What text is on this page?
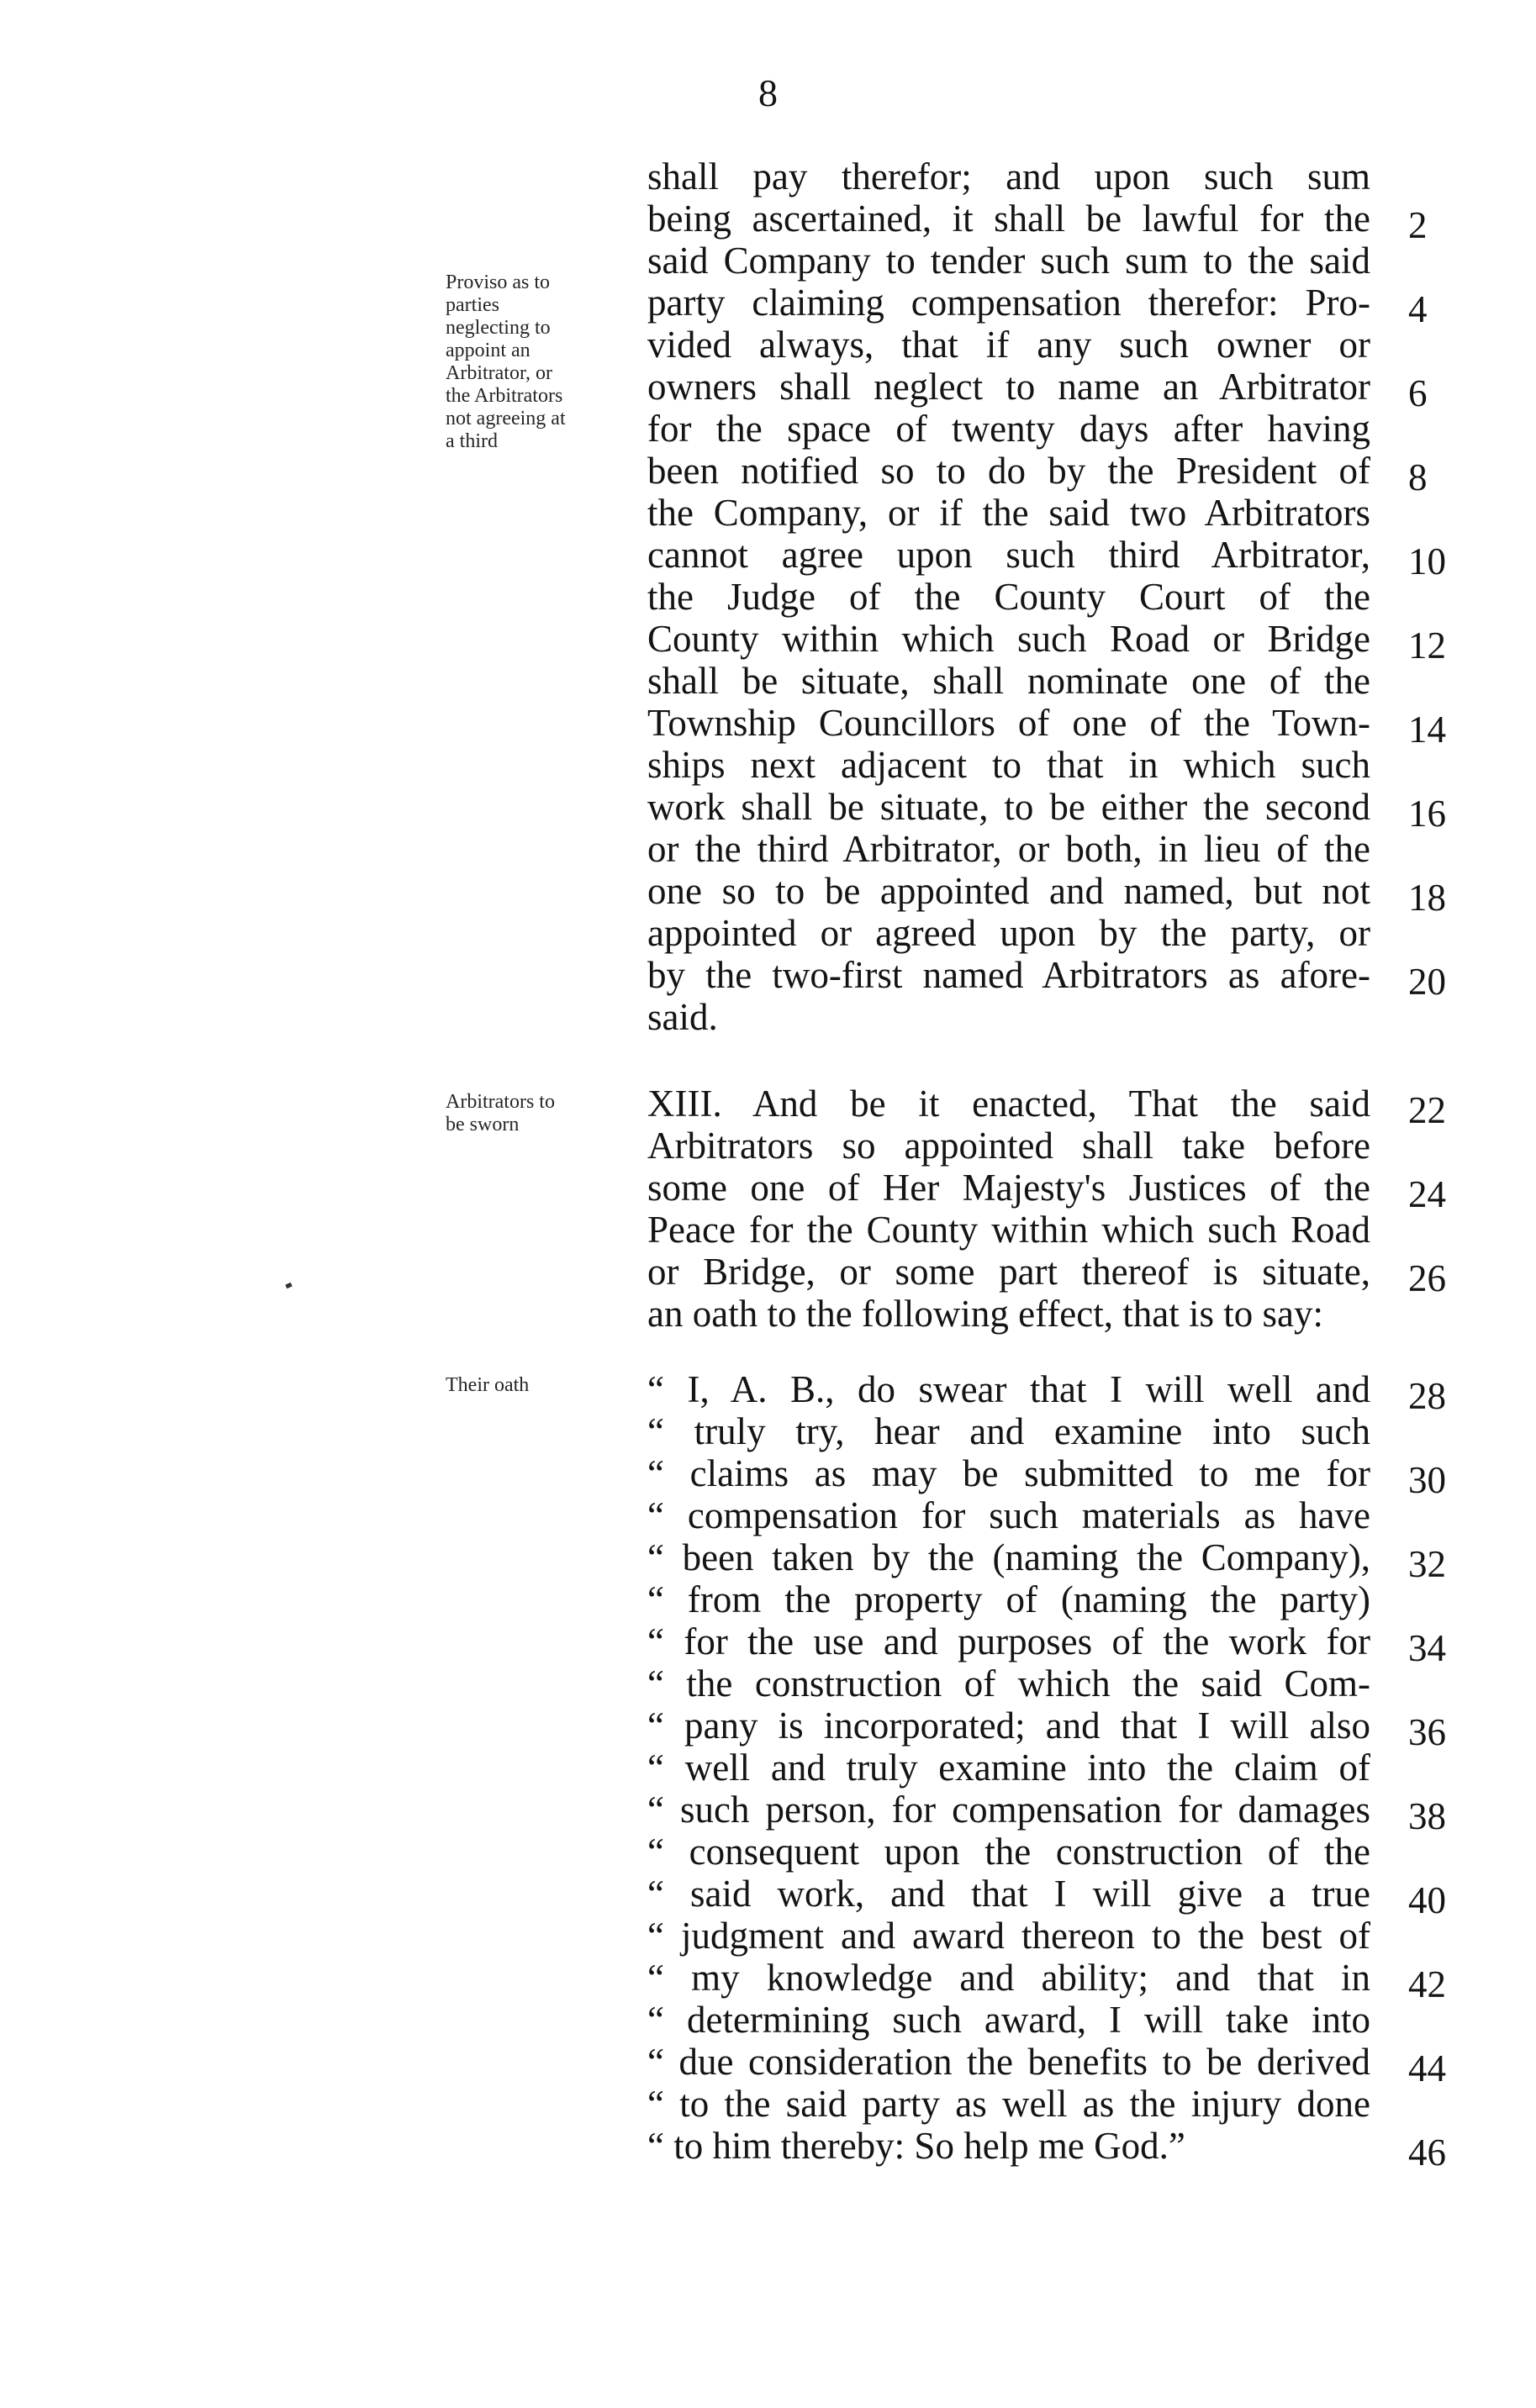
8
Proviso as to
parties
neglecting to
appoint an
Arbitrator, or
the Arbitrators
not agreeing at
a third
Arbitrators to
be sworn
Their oath
shall pay therefor; and upon such sum
being ascertained, it shall be lawful for the 2
said Company to tender such sum to the said
party claiming compensation therefor: Pro- 4
vided always, that if any such owner or
owners shall neglect to name an Arbitrator 6
for the space of twenty days after having
been notified so to do by the President of 8
the Company, or if the said two Arbitrators
cannot agree upon such third Arbitrator, 10
the Judge of the County Court of the
County within which such Road or Bridge 12
shall be situate, shall nominate one of the
Township Councillors of one of the Town- 14
ships next adjacent to that in which such
work shall be situate, to be either the second 16
or the third Arbitrator, or both, in lieu of the
one so to be appointed and named, but not 18
appointed or agreed upon by the party, or
by the two-first named Arbitrators as afore- 20
said.
XIII. And be it enacted, That the said 22
Arbitrators so appointed shall take before
some one of Her Majesty's Justices of the 24
Peace for the County within which such Road
or Bridge, or some part thereof is situate, 26
an oath to the following effect, that is to say:
“ I, A. B., do swear that I will well and 28
“ truly try, hear and examine into such
“ claims as may be submitted to me for 30
“ compensation for such materials as have
“ been taken by the (naming the Company), 32
“ from the property of (naming the party)
“ for the use and purposes of the work for 34
“ the construction of which the said Com-
“ pany is incorporated; and that I will also 36
“ well and truly examine into the claim of
“ such person, for compensation for damages 38
“ consequent upon the construction of the
“ said work, and that I will give a true 40
“ judgment and award thereon to the best of
“ my knowledge and ability; and that in 42
“ determining such award, I will take into
“ due consideration the benefits to be derived 44
“ to the said party as well as the injury done
“ to him thereby: So help me God.”	46
